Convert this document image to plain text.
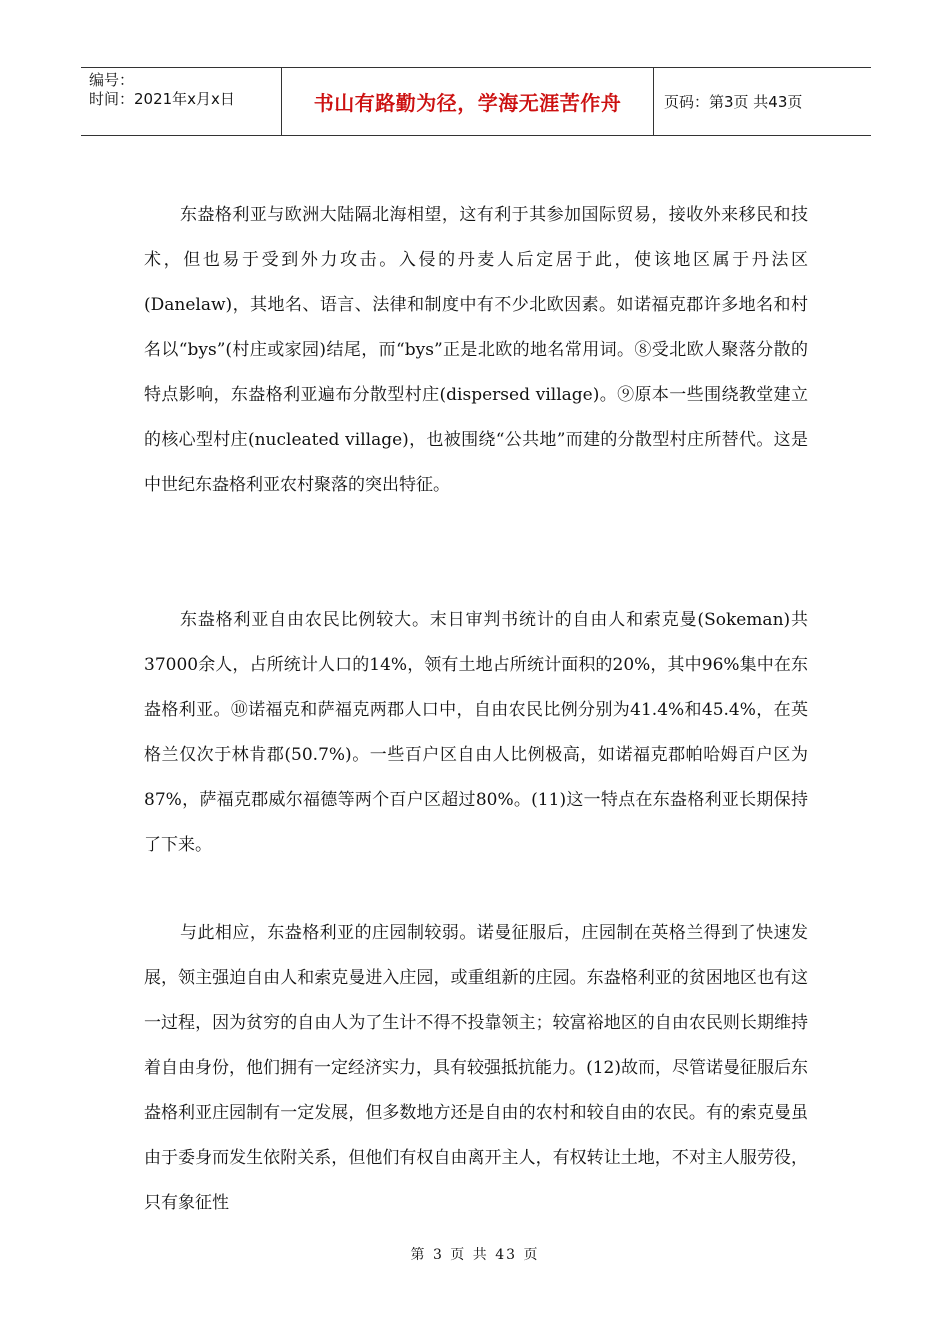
编号：
时间：2021年x月x日	书山有路勤为径，学海无涯苦作舟	页码：第3页 共43页

东盎格利亚与欧洲大陆隔北海相望，这有利于其参加国际贸易，接收外来移民和技术，但也易于受到外力攻击。入侵的丹麦人后定居于此，使该地区属于丹法区(Danelaw)，其地名、语言、法律和制度中有不少北欧因素。如诺福克郡许多地名和村名以“bys”(村庄或家园)结尾，而“bys”正是北欧的地名常用词。⑧受北欧人聚落分散的特点影响，东盎格利亚遍布分散型村庄(dispersed village)。⑨原本一些围绕教堂建立的核心型村庄(nucleated village)，也被围绕“公共地”而建的分散型村庄所替代。这是中世纪东盎格利亚农村聚落的突出特征。

东盎格利亚自由农民比例较大。末日审判书统计的自由人和索克曼(Sokeman)共37000余人，占所统计人口的14%，领有土地占所统计面积的20%，其中96%集中在东盎格利亚。⑩诺福克和萨福克两郡人口中，自由农民比例分别为41.4%和45.4%，在英格兰仅次于林肯郡(50.7%)。一些百户区自由人比例极高，如诺福克郡帕哈姆百户区为87%，萨福克郡威尔福德等两个百户区超过80%。(11)这一特点在东盎格利亚长期保持了下来。

与此相应，东盎格利亚的庄园制较弱。诺曼征服后，庄园制在英格兰得到了快速发展，领主强迫自由人和索克曼进入庄园，或重组新的庄园。东盎格利亚的贫困地区也有这一过程，因为贫穷的自由人为了生计不得不投靠领主；较富裕地区的自由农民则长期维持着自由身份，他们拥有一定经济实力，具有较强抵抗能力。(12)故而，尽管诺曼征服后东盎格利亚庄园制有一定发展，但多数地方还是自由的农村和较自由的农民。有的索克曼虽由于委身而发生依附关系，但他们有权自由离开主人，有权转让土地，不对主人服劳役，只有象征性

第 3 页 共 43 页
